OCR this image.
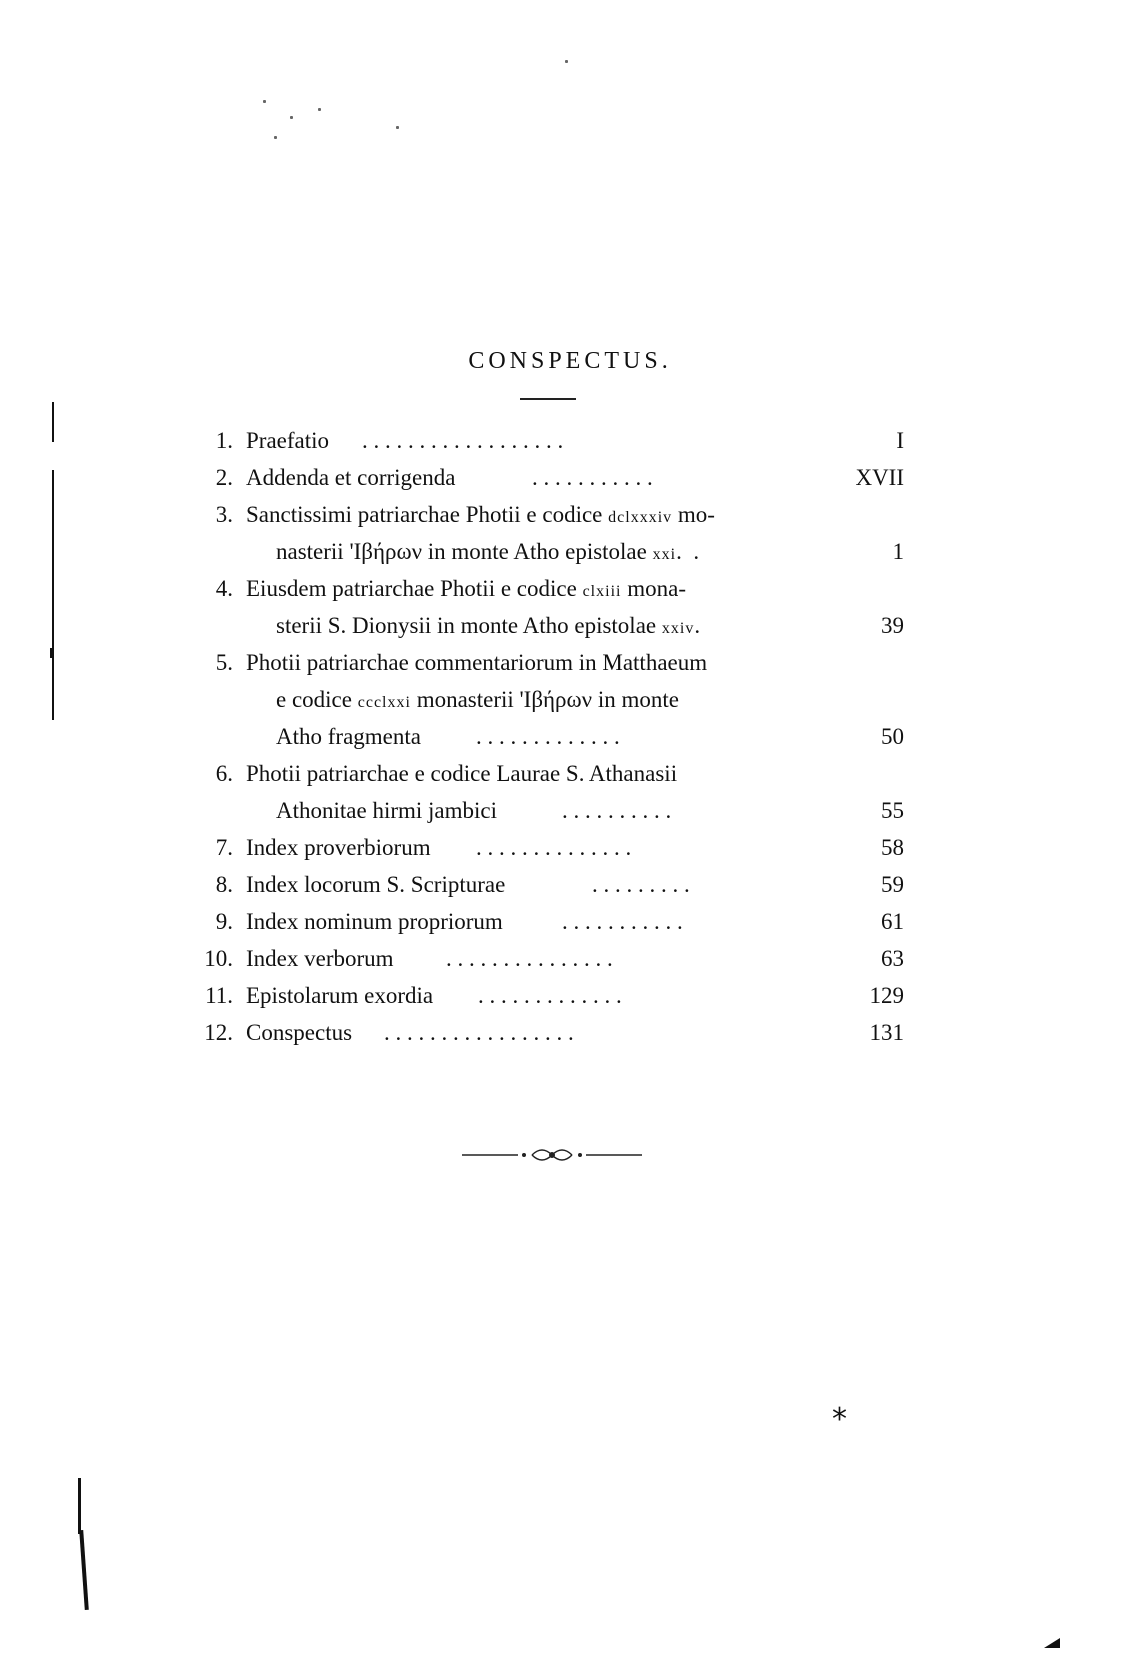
CONSPECTUS.
1. Praefatio . . . . . . . . . . . . . . . . . .	I
2. Addenda et corrigenda	. . . . . . . . . . .	XVII
3. Sanctissimi patriarchae Photii e codice dclxxxiv mo-
nasterii 'Ιβήρων in monte Atho epistolae xxi.  .	1
4. Eiusdem patriarchae Photii e codice clxiii mona-
sterii S. Dionysii in monte Atho epistolae xxiv.	39
5. Photii patriarchae commentariorum in Matthaeum
e codice ccclxxi monasterii 'Ιβήρων in monte
Atho fragmenta . . . . . . . . . . . . .	50
6. Photii patriarchae e codice Laurae S. Athanasii
Athonitae hirmi jambici	. . . . . . . . . .	55
7. Index proverbiorum . . . . . . . . . . . . . .	58
8. Index locorum S. Scripturae	. . . . . . . . .	59
9. Index nominum propriorum	. . . . . . . . . . .	61
10. Index verborum . . . . . . . . . . . . . . .	63
11. Epistolarum exordia . . . . . . . . . . . . .	129
12. Conspectus . . . . . . . . . . . . . . . . .	131
*
